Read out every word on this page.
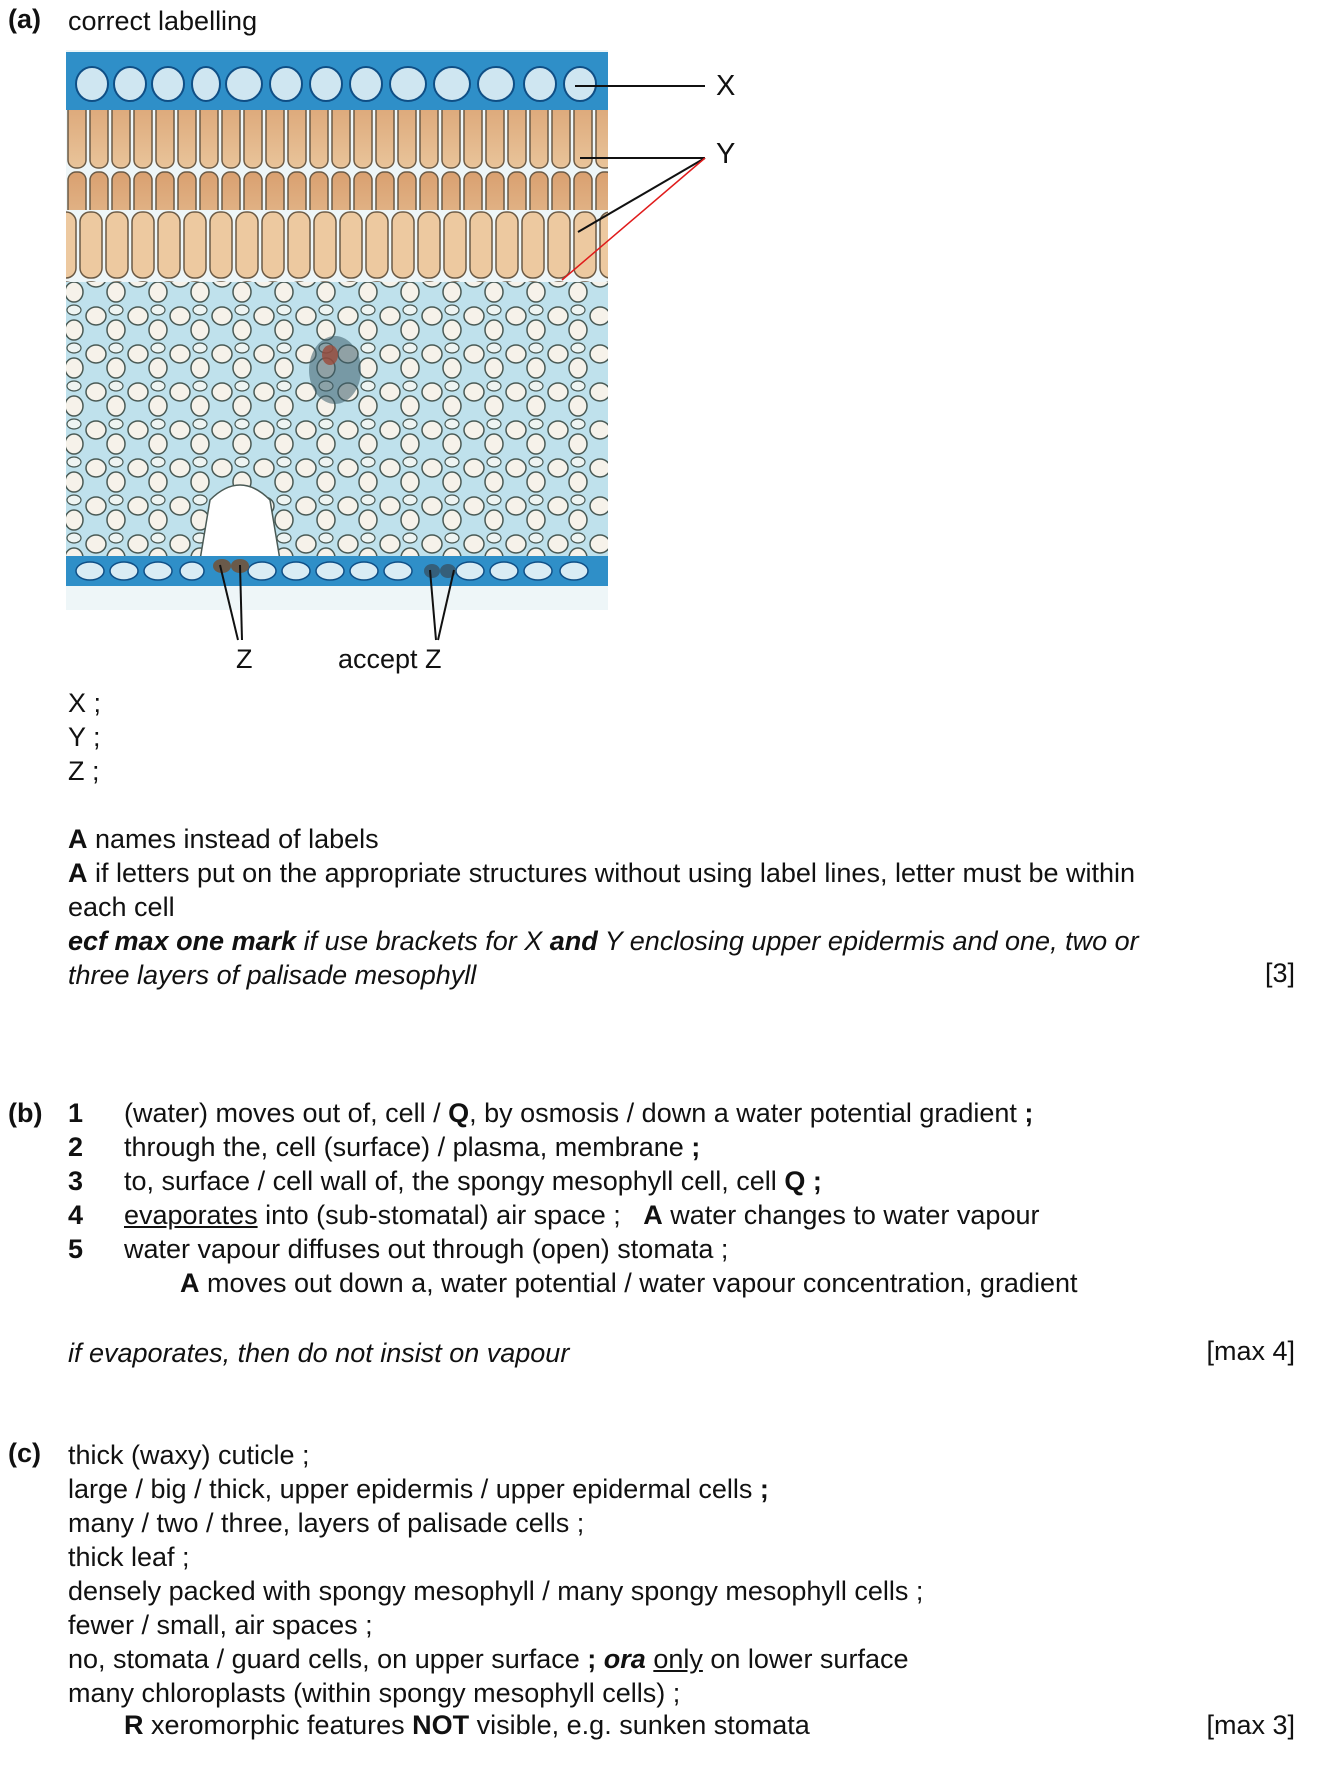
(a) correct labelling
X
Y
Z	accept Z
X ;
Y ;
Z ;
A names instead of labels
A if letters put on the appropriate structures without using label lines, letter must be within
each cell
ecf max one mark if use brackets for X and Y enclosing upper epidermis and one, two or
three layers of palisade mesophyll	[3]
(b) 1 (water) moves out of, cell / Q, by osmosis / down a water potential gradient ;
2 through the, cell (surface) / plasma, membrane ;
3 to, surface / cell wall of, the spongy mesophyll cell, cell Q ;
4 evaporates into (sub-stomatal) air space ;   A water changes to water vapour
5 water vapour diffuses out through (open) stomata ;
A moves out down a, water potential / water vapour concentration, gradient
if evaporates, then do not insist on vapour	[max 4]
(c) thick (waxy) cuticle ;
large / big / thick, upper epidermis / upper epidermal cells ;
many / two / three, layers of palisade cells ;
thick leaf ;
densely packed with spongy mesophyll / many spongy mesophyll cells ;
fewer / small, air spaces ;
no, stomata / guard cells, on upper surface ; ora only on lower surface
many chloroplasts (within spongy mesophyll cells) ;
R xeromorphic features NOT visible, e.g. sunken stomata	[max 3]
